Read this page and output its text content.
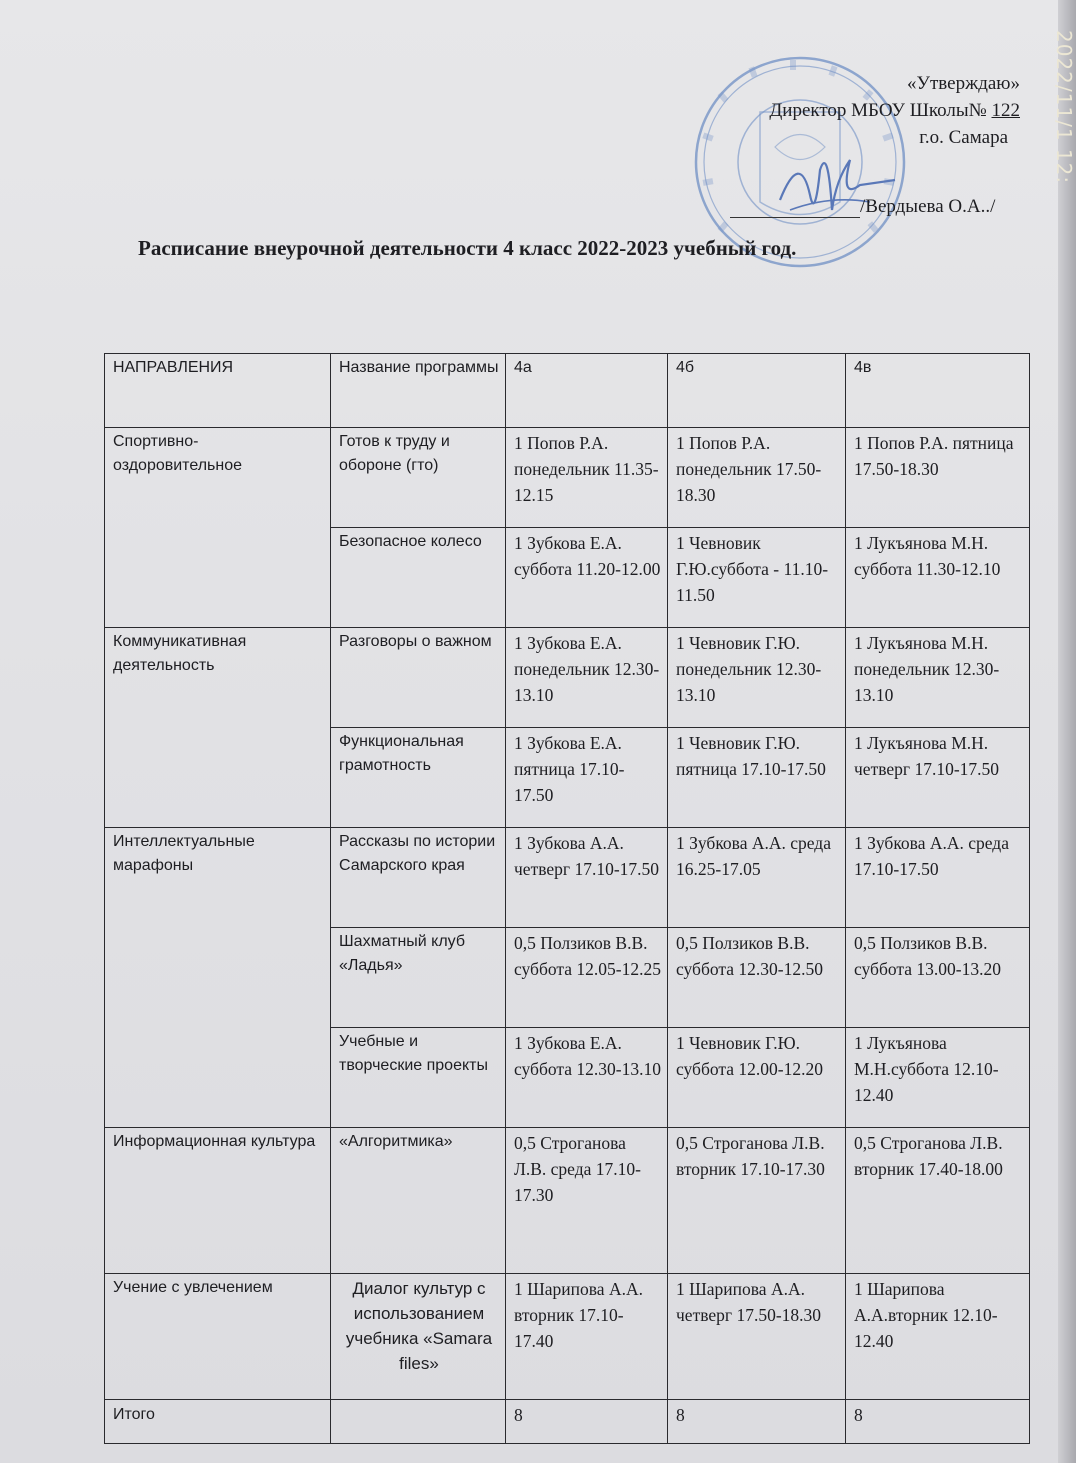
2022/11/1 12:
«Утверждаю»
Директор МБОУ Школы№ 122
г.о. Самара
/Вердыева О.А../
Расписание внеурочной деятельности 4 класс 2022-2023 учебный год.
НАПРАВЛЕНИЯ	Название программы	4а	4б	4в
Спортивно-оздоровительное	Готов к труду и обороне (гто)	1 Попов Р.А. понедельник 11.35-12.15	1 Попов Р.А. понедельник 17.50-18.30	1 Попов Р.А. пятница 17.50-18.30
	Безопасное колесо	1 Зубкова Е.А. суббота 11.20-12.00	1 Чевновик Г.Ю.суббота - 11.10-11.50	1 Лукъянова М.Н. суббота 11.30-12.10
Коммуникативная деятельность	Разговоры о важном	1 Зубкова Е.А. понедельник 12.30-13.10	1 Чевновик Г.Ю. понедельник 12.30-13.10	1 Лукъянова М.Н. понедельник 12.30-13.10
	Функциональная грамотность	1 Зубкова Е.А. пятница 17.10-17.50	1 Чевновик Г.Ю. пятница 17.10-17.50	1 Лукъянова М.Н. четверг 17.10-17.50
Интеллектуальные марафоны	Рассказы по истории Самарского края	1 Зубкова А.А. четверг 17.10-17.50	1 Зубкова А.А. среда 16.25-17.05	1 Зубкова А.А. среда 17.10-17.50
	Шахматный клуб «Ладья»	0,5 Ползиков В.В. суббота 12.05-12.25	0,5 Ползиков В.В. суббота 12.30-12.50	0,5 Ползиков В.В. суббота 13.00-13.20
	Учебные и творческие проекты	1 Зубкова Е.А. суббота 12.30-13.10	1 Чевновик Г.Ю. суббота 12.00-12.20	1 Лукъянова М.Н.суббота 12.10-12.40
Информационная культура	«Алгоритмика»	0,5 Строганова Л.В. среда 17.10-17.30	0,5 Строганова Л.В. вторник 17.10-17.30	0,5 Строганова Л.В. вторник 17.40-18.00
Учение с увлечением	Диалог культур с использованием учебника «Samara files»	1 Шарипова А.А. вторник 17.10-17.40	1 Шарипова А.А. четверг 17.50-18.30	1 Шарипова А.А.вторник 12.10-12.40
Итого		8	8	8
